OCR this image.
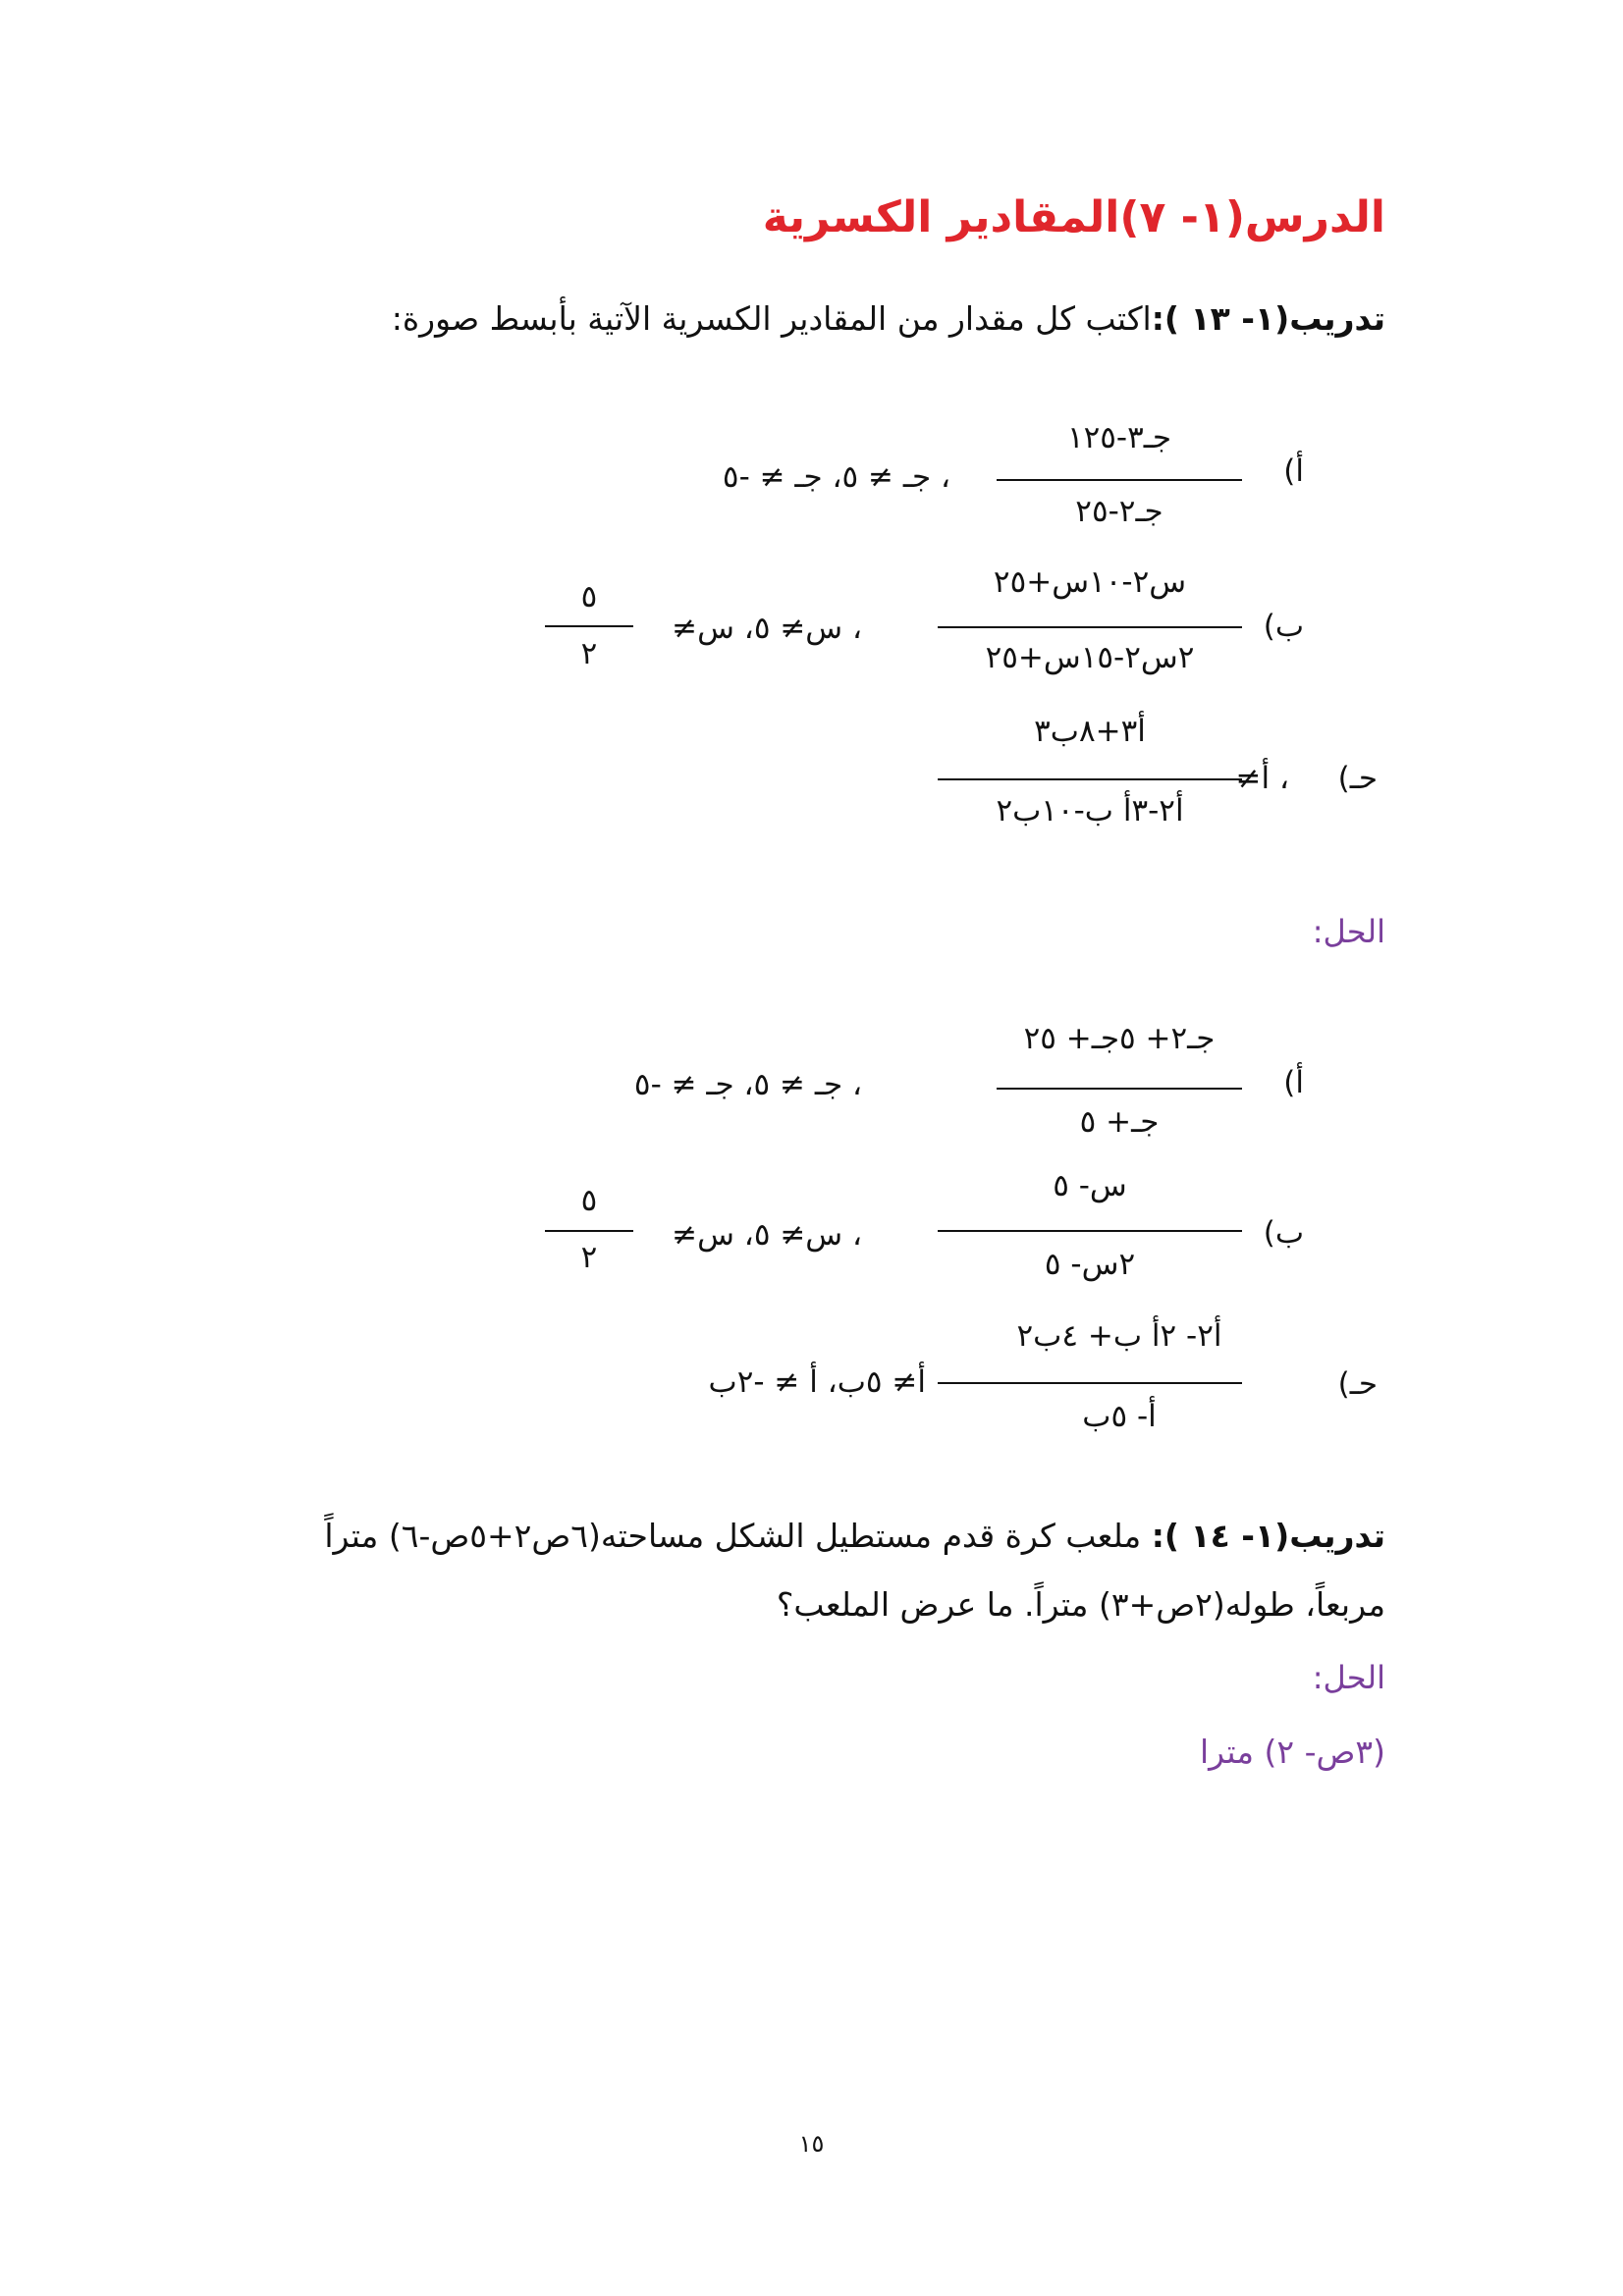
الدرس(١- ٧)المقادير الكسرية
تدريب(١- ١٣ ):اكتب كل مقدار من المقادير الكسرية الآتية بأبسط صورة:
أ)
جـ٣-١٢٥
جـ٢-٢٥
، جـ ≠ ٥، جـ ≠ -٥
ب)
س٢-١٠س+٢٥
٢س٢-١٥س+٢٥
، س≠ ٥، س≠
٥
٢
حـ)
أ٣+٨ب٣
أ٢-٣أ ب-١٠ب٢
، أ≠
الحل:
أ)
جـ٢+ ٥جـ+ ٢٥
جـ+ ٥
، جـ ≠ ٥، جـ ≠ -٥
ب)
س- ٥
٢س- ٥
، س≠ ٥، س≠
٥
٢
حـ)
أ٢- ٢أ ب+ ٤ب٢
أ- ٥ب
أ≠ ٥ب، أ ≠ -٢ب
تدريب(١- ١٤ ): ملعب كرة قدم مستطيل الشكل مساحته(٦ص٢+٥ص-٦) متراً
مربعاً، طوله(٢ص+٣) متراً. ما عرض الملعب؟
الحل:
(٣ص- ٢) مترا
١٥
